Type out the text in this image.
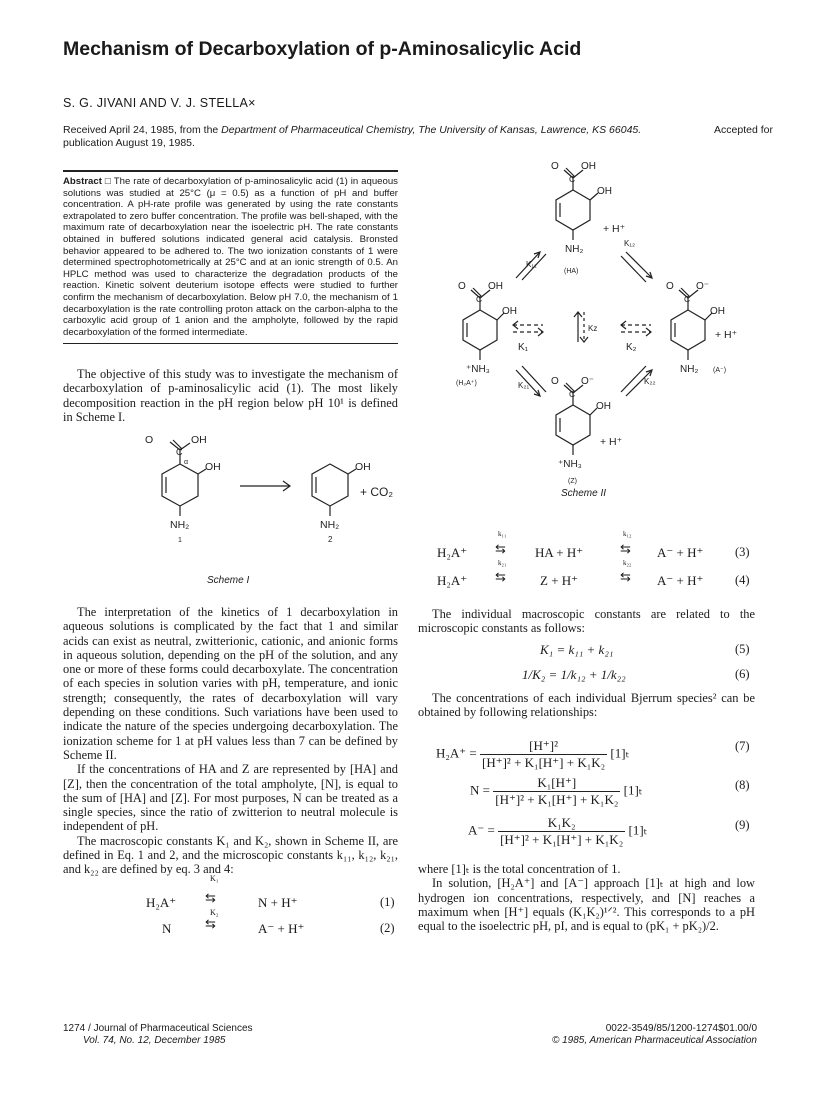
Mechanism of Decarboxylation of p-Aminosalicylic Acid
S. G. JIVANI AND V. J. STELLA×
Received April 24, 1985, from the Department of Pharmaceutical Chemistry, The University of Kansas, Lawrence, KS 66045.	Accepted for

publication August 19, 1985.
Abstract □ The rate of decarboxylation of p-aminosalicylic acid (1) in aqueous solutions was studied at 25°C (μ = 0.5) as a function of pH and buffer concentration. A pH-rate profile was generated by using the rate constants extrapolated to zero buffer concentration. The profile was bell-shaped, with the maximum rate of decarboxylation near the isoelectric pH. The rate constants obtained in buffered solutions indicated general acid catalysis. Bronsted behavior appeared to be adhered to. The two ionization constants of 1 were determined spectrophotometrically at 25°C and at an ionic strength of 0.5. An HPLC method was used to characterize the degradation products of the reaction. Kinetic solvent deuterium isotope effects were studied to further confirm the mechanism of decarboxylation. Below pH 7.0, the mechanism of 1 decarboxylation is the rate controlling proton attack on the carbon-alpha to the carboxylic acid group of 1 anion and the ampholyte, followed by the rapid decarboxylation of the formed intermediate.

The objective of this study was to investigate the mechanism of decarboxylation of p-aminosalicylic acid (1). The most likely decomposition reaction in the pH region below pH 10¹ is defined in Scheme I.

O	OH
C
α OH
NH₂
OH
NH₂
+ CO₂
1	2
Scheme I

The interpretation of the kinetics of 1 decarboxylation in aqueous solutions is complicated by the fact that 1 and similar acids can exist as neutral, zwitterionic, cationic, and anionic forms in aqueous solution, depending on the pH of the solution, and any one or more of these forms could decarboxylate. The concentration of each species in solution varies with pH, temperature, and ionic strength; consequently, the rates of decarboxylation will vary depending on these conditions. Such variations have been used to indicate the nature of the species undergoing decarboxylation. The ionization scheme for 1 at pH values less than 7 can be defined by Scheme II.

If the concentrations of HA and Z are represented by [HA] and [Z], then the concentration of the total ampholyte, [N], is equal to the sum of [HA] and [Z]. For most purposes, N can be treated as a single species, since the ratio of zwitterion to neutral molecule is independent of pH.

The macroscopic constants K₁ and K₂, shown in Scheme II, are defined in Eq. 1 and 2, and the microscopic constants k₁₁, k₁₂, k₂₁, and k₂₂ are defined by eq. 3 and 4:

H₂A⁺
K₁
⇆	N + H⁺	(1)
N
K₂
⇆	A⁻ + H⁺	(2)
O OH
C
OH
NH₂
O OH
C
OH
⁺NH₃
O O⁻
C
OH
NH₂
O O⁻
C
OH
⁺NH₃
+ H⁺
+ H⁺
+ H⁺
(HA)
(H₂A⁺)
(A⁻)
(Z)
K₁₁
K₁₂
K₂₁	K₂₂
K₁	K₂
Kz
Scheme II
H₂A⁺
k₁₁
⇆ HA + H⁺
k₁₂
⇆ A⁻ + H⁺	(3)
H₂A⁺
k₂₁
⇆	Z + H⁺
k₂₂
⇆ A⁻ + H⁺	(4)

The individual macroscopic constants are related to the microscopic constants as follows:

K₁ = k₁₁ + k₂₁	(5)
1/K₂ = 1/k₁₂ + 1/k₂₂	(6)

The concentrations of each individual Bjerrum species² can be obtained by following relationships:

$H_2A^+ = \frac{\text{[H⁺]²}}{\text{[H⁺]² + K₁[H⁺] + K₁K₂}} [1]_t$	(7)
$N = \frac{\text{K₁[H⁺]}}{\text{[H⁺]² + K₁[H⁺] + K₁K₂}} [1]_t$	(8)
$A^- = \frac{\text{K₁K₂}}{\text{[H⁺]² + K₁[H⁺] + K₁K₂}} [1]_t$	(9)

where [1]ₜ is the total concentration of 1.

In solution, [H₂A⁺] and [A⁻] approach [1]ₜ at high and low hydrogen ion concentrations, respectively, and [N] reaches a maximum when [H⁺] equals (K₁K₂)¹ᐟ². This corresponds to a pH equal to the isoelectric pH, pI, and is equal to (pK₁ + pK₂)/2.

1274 / Journal of Pharmaceutical Sciences
Vol. 74, No. 12, December 1985
0022-3549/85/1200-1274$01.00/0
© 1985, American Pharmaceutical Association
